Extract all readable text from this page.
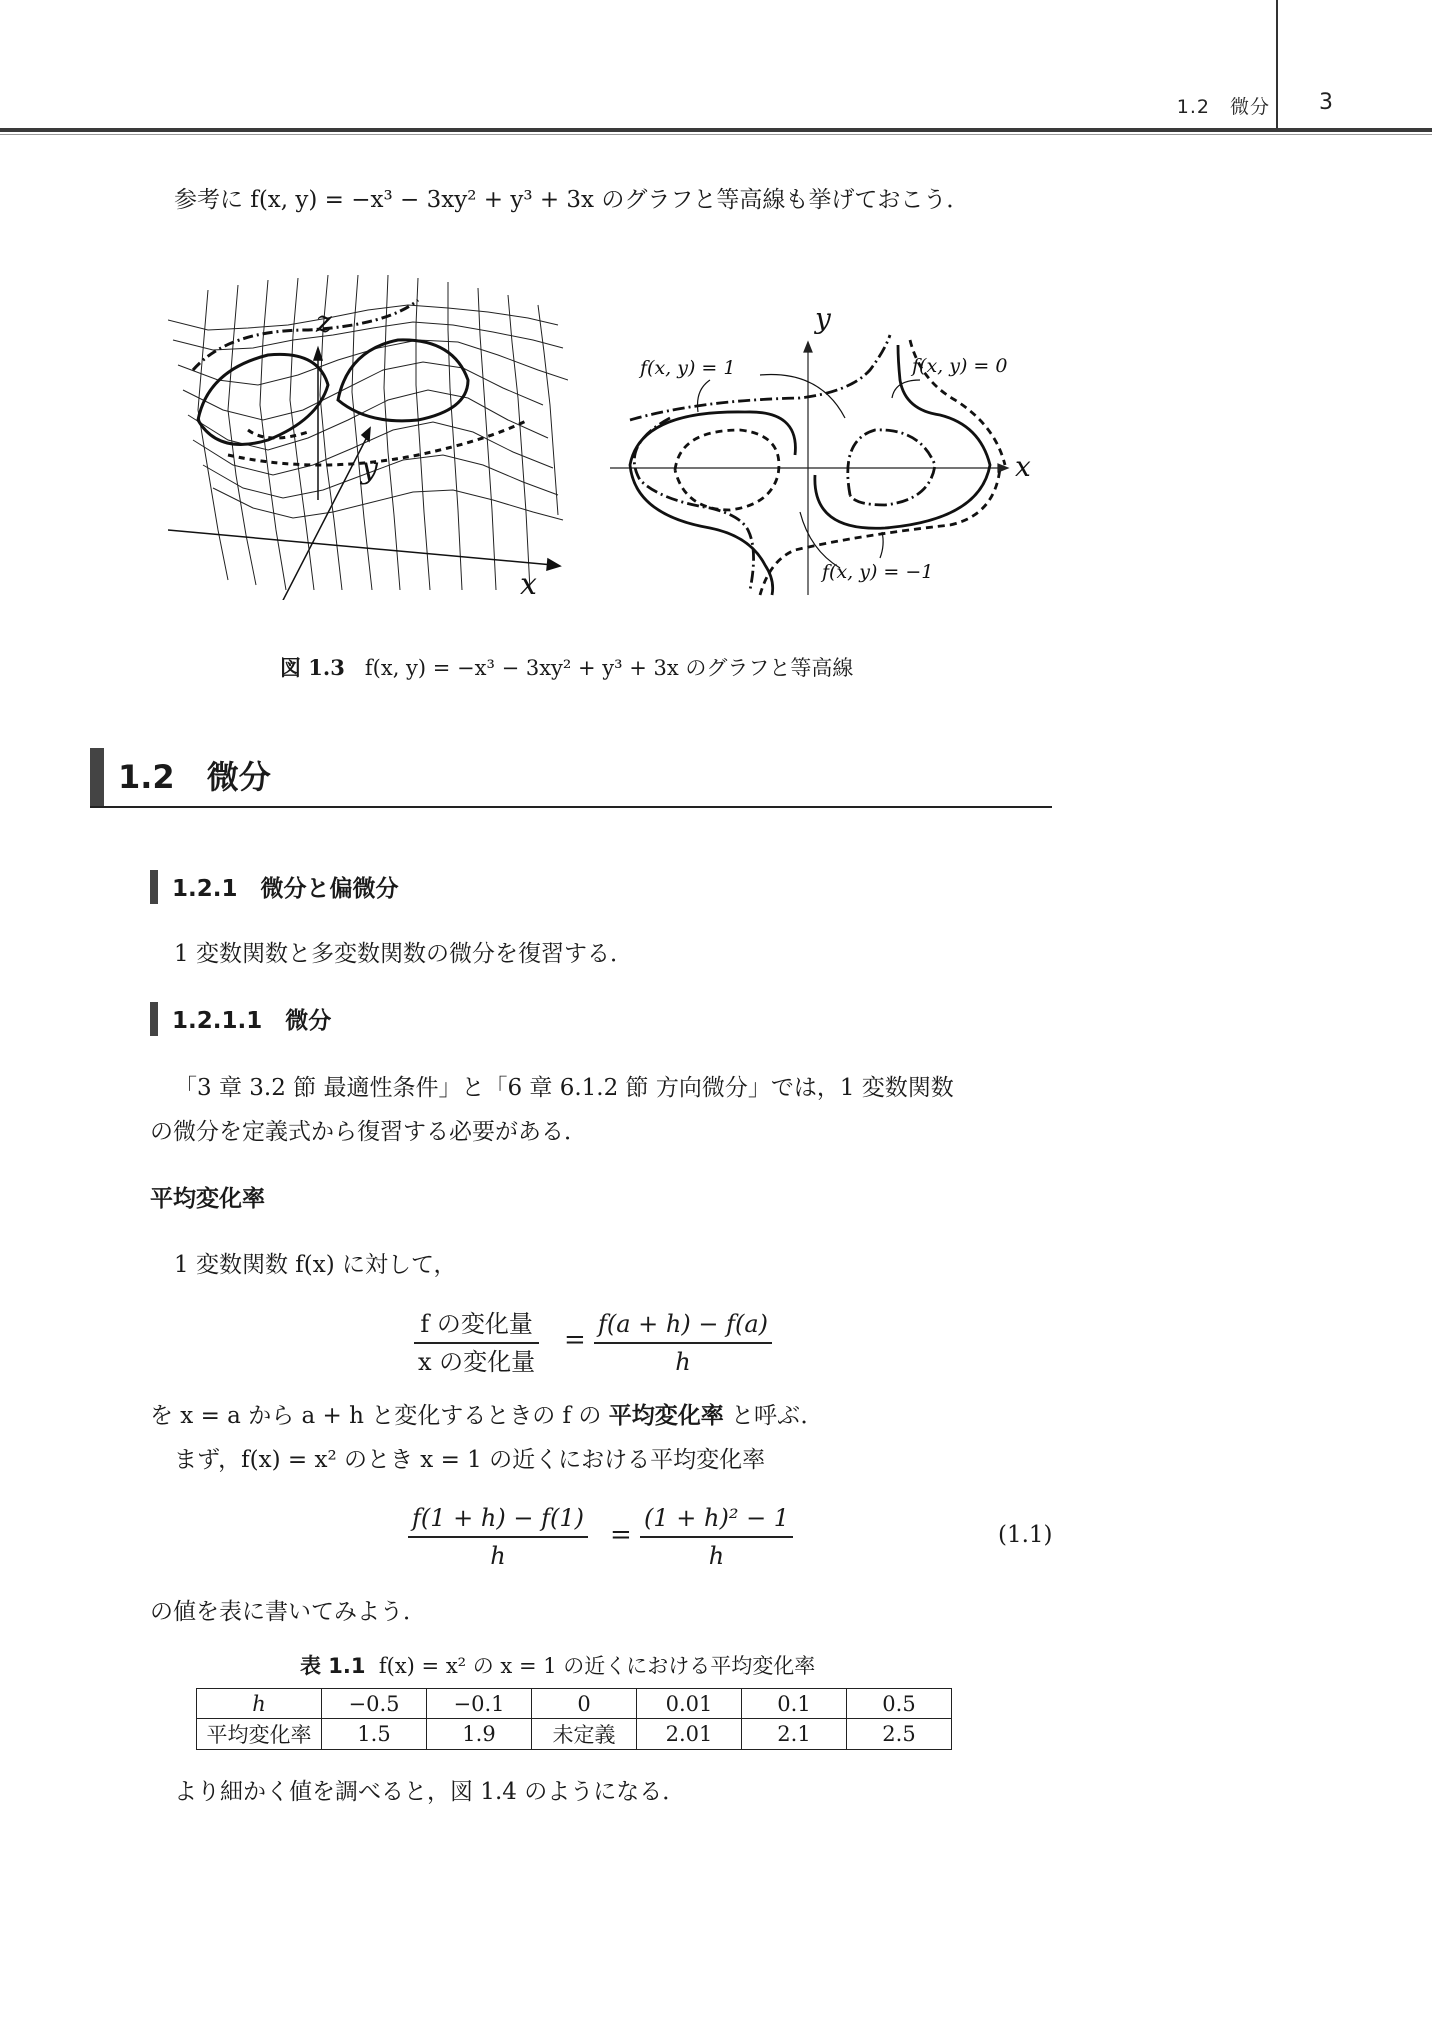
1.2　微分	3
参考に f(x, y) = −x³ − 3xy² + y³ + 3x のグラフと等高線も挙げておこう．
z
y
x
y
x
f(x, y) = 1	f(x, y) = 0
f(x, y) = −1
図 1.3 f(x, y) = −x³ − 3xy² + y³ + 3x のグラフと等高線
1.2　微分
1.2.1　微分と偏微分
1 変数関数と多変数関数の微分を復習する．
1.2.1.1　微分
「3 章 3.2 節 最適性条件」と「6 章 6.1.2 節 方向微分」では，1 変数関数
の微分を定義式から復習する必要がある．
平均変化率
1 変数関数 f(x) に対して，
f の変化量
x の変化量
= $\frac{f(a + h) - f(a)}{h}$
を x = a から a + h と変化するときの f の 平均変化率 と呼ぶ．
まず，f(x) = x² のとき x = 1 の近くにおける平均変化率
$\frac{f(1 + h) - f(1)}{h} = \frac{\text{(1 + h)² − 1}}{h}$	(1.1)
の値を表に書いてみよう．
表 1.1 f(x) = x² の x = 1 の近くにおける平均変化率
h	−0.5	−0.1	0	0.01	0.1	0.5
平均変化率	1.5	1.9	未定義	2.01	2.1	2.5
より細かく値を調べると，図 1.4 のようになる．
